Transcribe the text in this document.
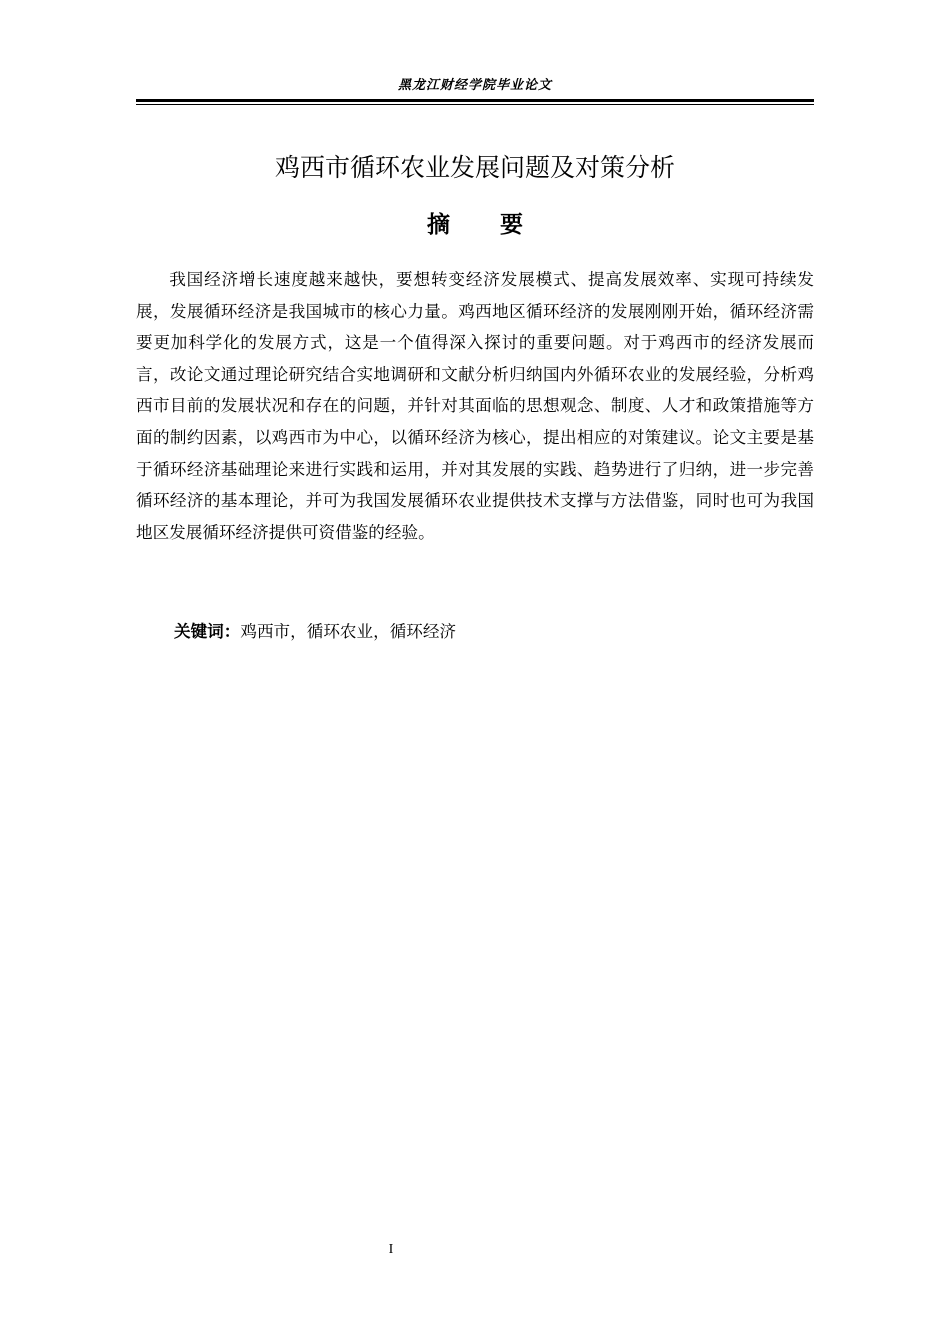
黑龙江财经学院毕业论文
鸡西市循环农业发展问题及对策分析
摘 要

我国经济增长速度越来越快，要想转变经济发展模式、提高发展效率、实现可持续发展，发展循环经济是我国城市的核心力量。鸡西地区循环经济的发展刚刚开始，循环经济需要更加科学化的发展方式，这是一个值得深入探讨的重要问题。对于鸡西市的经济发展而言，改论文通过理论研究结合实地调研和文献分析归纳国内外循环农业的发展经验，分析鸡西市目前的发展状况和存在的问题，并针对其面临的思想观念、制度、人才和政策措施等方面的制约因素，以鸡西市为中心，以循环经济为核心，提出相应的对策建议。论文主要是基于循环经济基础理论来进行实践和运用，并对其发展的实践、趋势进行了归纳，进一步完善循环经济的基本理论，并可为我国发展循环农业提供技术支撑与方法借鉴，同时也可为我国地区发展循环经济提供可资借鉴的经验。

关键词：鸡西市，循环农业，循环经济
I
